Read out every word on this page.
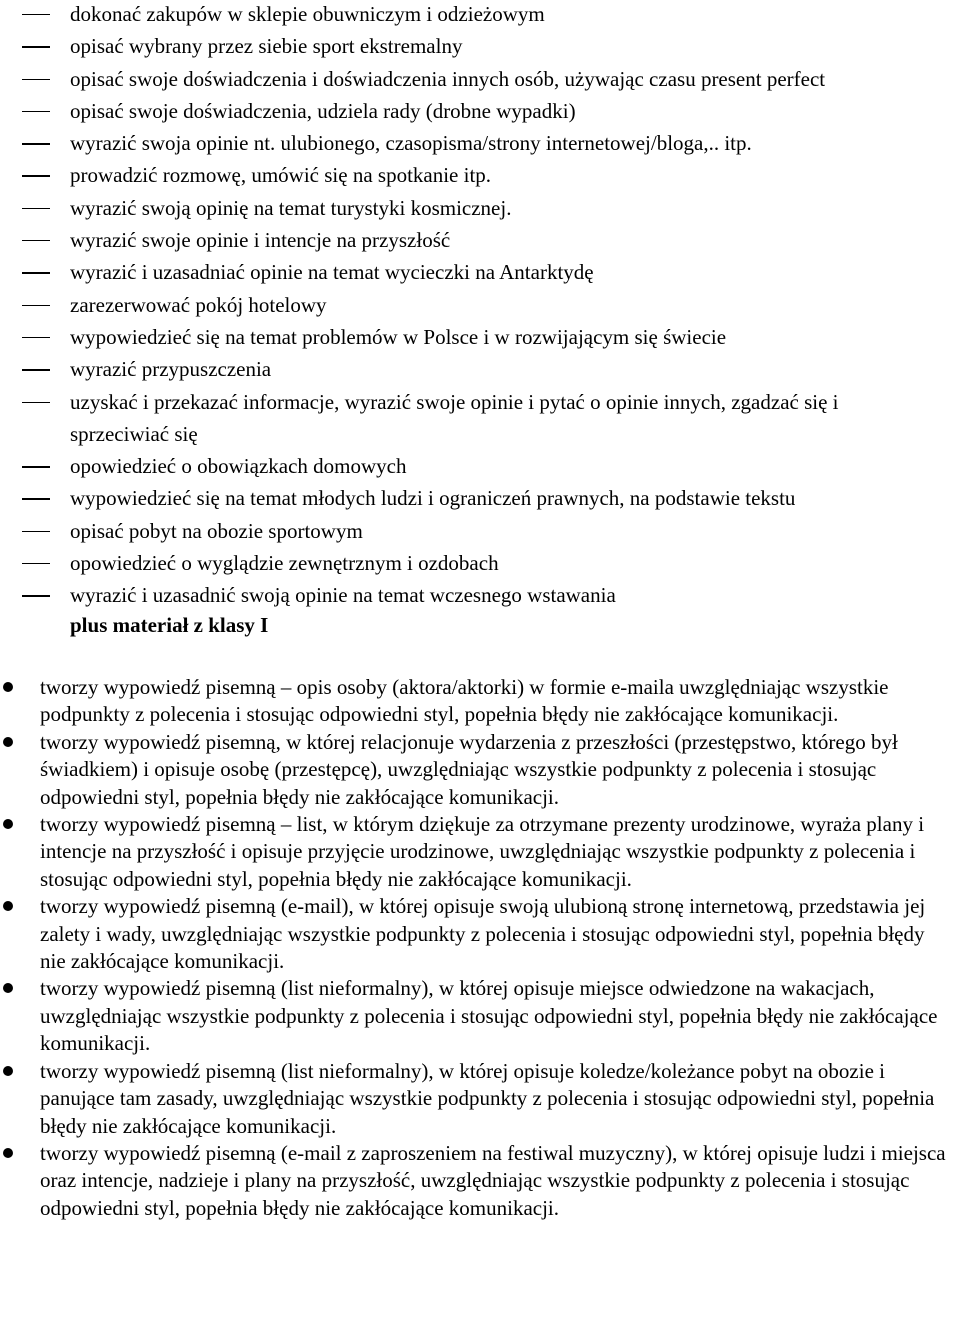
dokonać zakupów w sklepie obuwniczym i odzieżowym
opisać wybrany przez siebie sport ekstremalny
opisać swoje doświadczenia i doświadczenia innych osób, używając czasu present perfect
opisać swoje doświadczenia, udziela rady (drobne wypadki)
wyrazić swoja opinie nt. ulubionego, czasopisma/strony internetowej/bloga,.. itp.
prowadzić rozmowę, umówić się na spotkanie itp.
wyrazić swoją opinię na temat turystyki kosmicznej.
wyrazić swoje opinie i intencje na przyszłość
wyrazić i uzasadniać opinie na temat wycieczki na Antarktydę
zarezerwować pokój hotelowy
wypowiedzieć się na temat problemów w Polsce i w rozwijającym się świecie
wyrazić przypuszczenia
uzyskać i przekazać informacje, wyrazić swoje opinie i pytać o opinie innych, zgadzać się i sprzeciwiać się
opowiedzieć o obowiązkach domowych
wypowiedzieć się na temat młodych ludzi i ograniczeń prawnych, na podstawie tekstu
opisać pobyt na obozie sportowym
opowiedzieć o wyglądzie zewnętrznym i ozdobach
wyrazić i uzasadnić swoją opinie na temat wczesnego wstawania
plus materiał z klasy I
tworzy wypowiedź pisemną – opis osoby (aktora/aktorki) w formie e-maila uwzględniając wszystkie podpunkty z polecenia i stosując odpowiedni styl, popełnia błędy nie zakłócające komunikacji.
tworzy wypowiedź pisemną, w której relacjonuje wydarzenia z przeszłości (przestępstwo, którego był świadkiem) i opisuje osobę (przestępcę), uwzględniając wszystkie podpunkty z polecenia i stosując odpowiedni styl, popełnia błędy nie zakłócające komunikacji.
tworzy wypowiedź pisemną – list, w którym dziękuje za otrzymane prezenty urodzinowe, wyraża plany i intencje na przyszłość i opisuje przyjęcie urodzinowe, uwzględniając wszystkie podpunkty z polecenia i stosując odpowiedni styl, popełnia błędy nie zakłócające komunikacji.
tworzy wypowiedź pisemną (e-mail), w której opisuje swoją ulubioną stronę internetową, przedstawia jej zalety i wady, uwzględniając wszystkie podpunkty z polecenia i stosując odpowiedni styl, popełnia błędy nie zakłócające komunikacji.
tworzy wypowiedź pisemną (list nieformalny), w której opisuje miejsce odwiedzone na wakacjach, uwzględniając wszystkie podpunkty z polecenia i stosując odpowiedni styl, popełnia błędy nie zakłócające komunikacji.
tworzy wypowiedź pisemną (list nieformalny), w której opisuje koledze/koleżance pobyt na obozie i panujące tam zasady, uwzględniając wszystkie podpunkty z polecenia i stosując odpowiedni styl, popełnia błędy nie zakłócające komunikacji.
tworzy wypowiedź pisemną (e-mail z zaproszeniem na festiwal muzyczny), w której opisuje ludzi i miejsca oraz intencje, nadzieje i plany na przyszłość, uwzględniając wszystkie podpunkty z polecenia i stosując odpowiedni styl, popełnia błędy nie zakłócające komunikacji.
